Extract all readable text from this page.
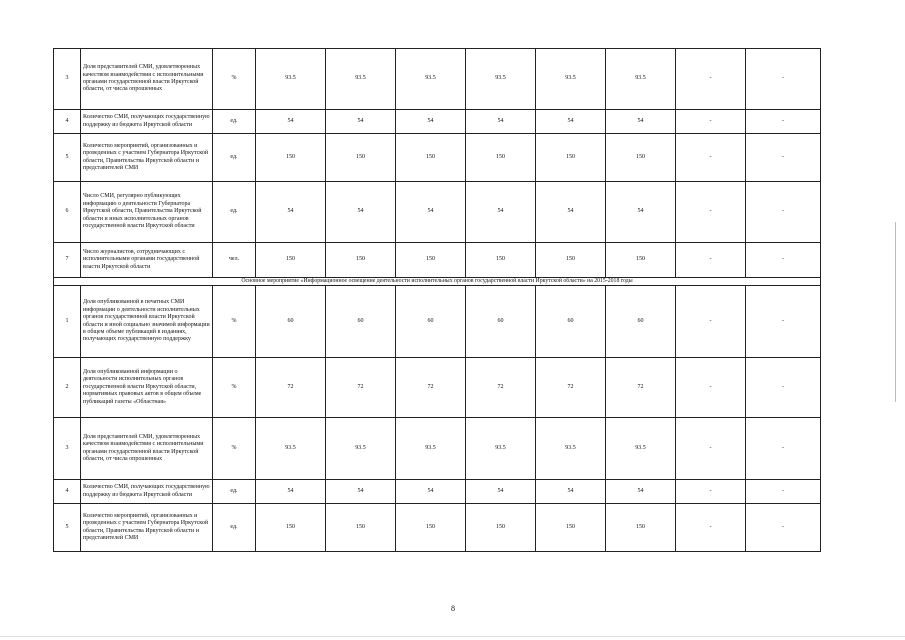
3	Доля представителей СМИ, удовлетворенных качеством взаимодействия с исполнительными органами государственной власти Иркутской области, от числа опрошенных	%	93.5	93.5	93.5	93.5	93.5	93.5	-	-
4	Количество СМИ, получающих государственную поддержку из бюджета Иркутской области	ед.	54	54	54	54	54	54	-	-
5	Количество мероприятий, организованных и проведенных с участием Губернатора Иркутской области, Правительства Иркутской области и представителей СМИ	ед.	150	150	150	150	150	150	-	-
6	Число СМИ, регулярно публикующих информацию о деятельности Губернатора Иркутской области, Правительства Иркутской области и иных исполнительных органов государственной власти Иркутской области	ед.	54	54	54	54	54	54	-	-
7	Число журналистов, сотрудничающих с исполнительными органами государственной власти Иркутской области	чел.	150	150	150	150	150	150	-	-
Основное мероприятие «Информационное освещение деятельности исполнительных органов государственной власти Иркутской области» на 2015-2018 годы										
1	Доля опубликованной в печатных СМИ информации о деятельности исполнительных органов государственной власти Иркутской области и иной социально значимой информации в общем объеме публикаций в изданиях, получающих государственную поддержку	%	60	60	60	60	60	60	-	-
2	Доля опубликованной информации о деятельности исполнительных органов государственной власти Иркутской области, нормативных правовых актов в общем объеме публикаций газеты «Областная»	%	72	72	72	72	72	72	-	-
3	Доля представителей СМИ, удовлетворенных качеством взаимодействия с исполнительными органами государственной власти Иркутской области, от числа опрошенных	%	93.5	93.5	93.5	93.5	93.5	93.5	-	-
4	Количество СМИ, получающих государственную поддержку из бюджета Иркутской области	ед.	54	54	54	54	54	54	-	-
5	Количество мероприятий, организованных и проведенных с участием Губернатора Иркутской области, Правительства Иркутской области и представителей СМИ	ед.	150	150	150	150	150	150	-	-
8
